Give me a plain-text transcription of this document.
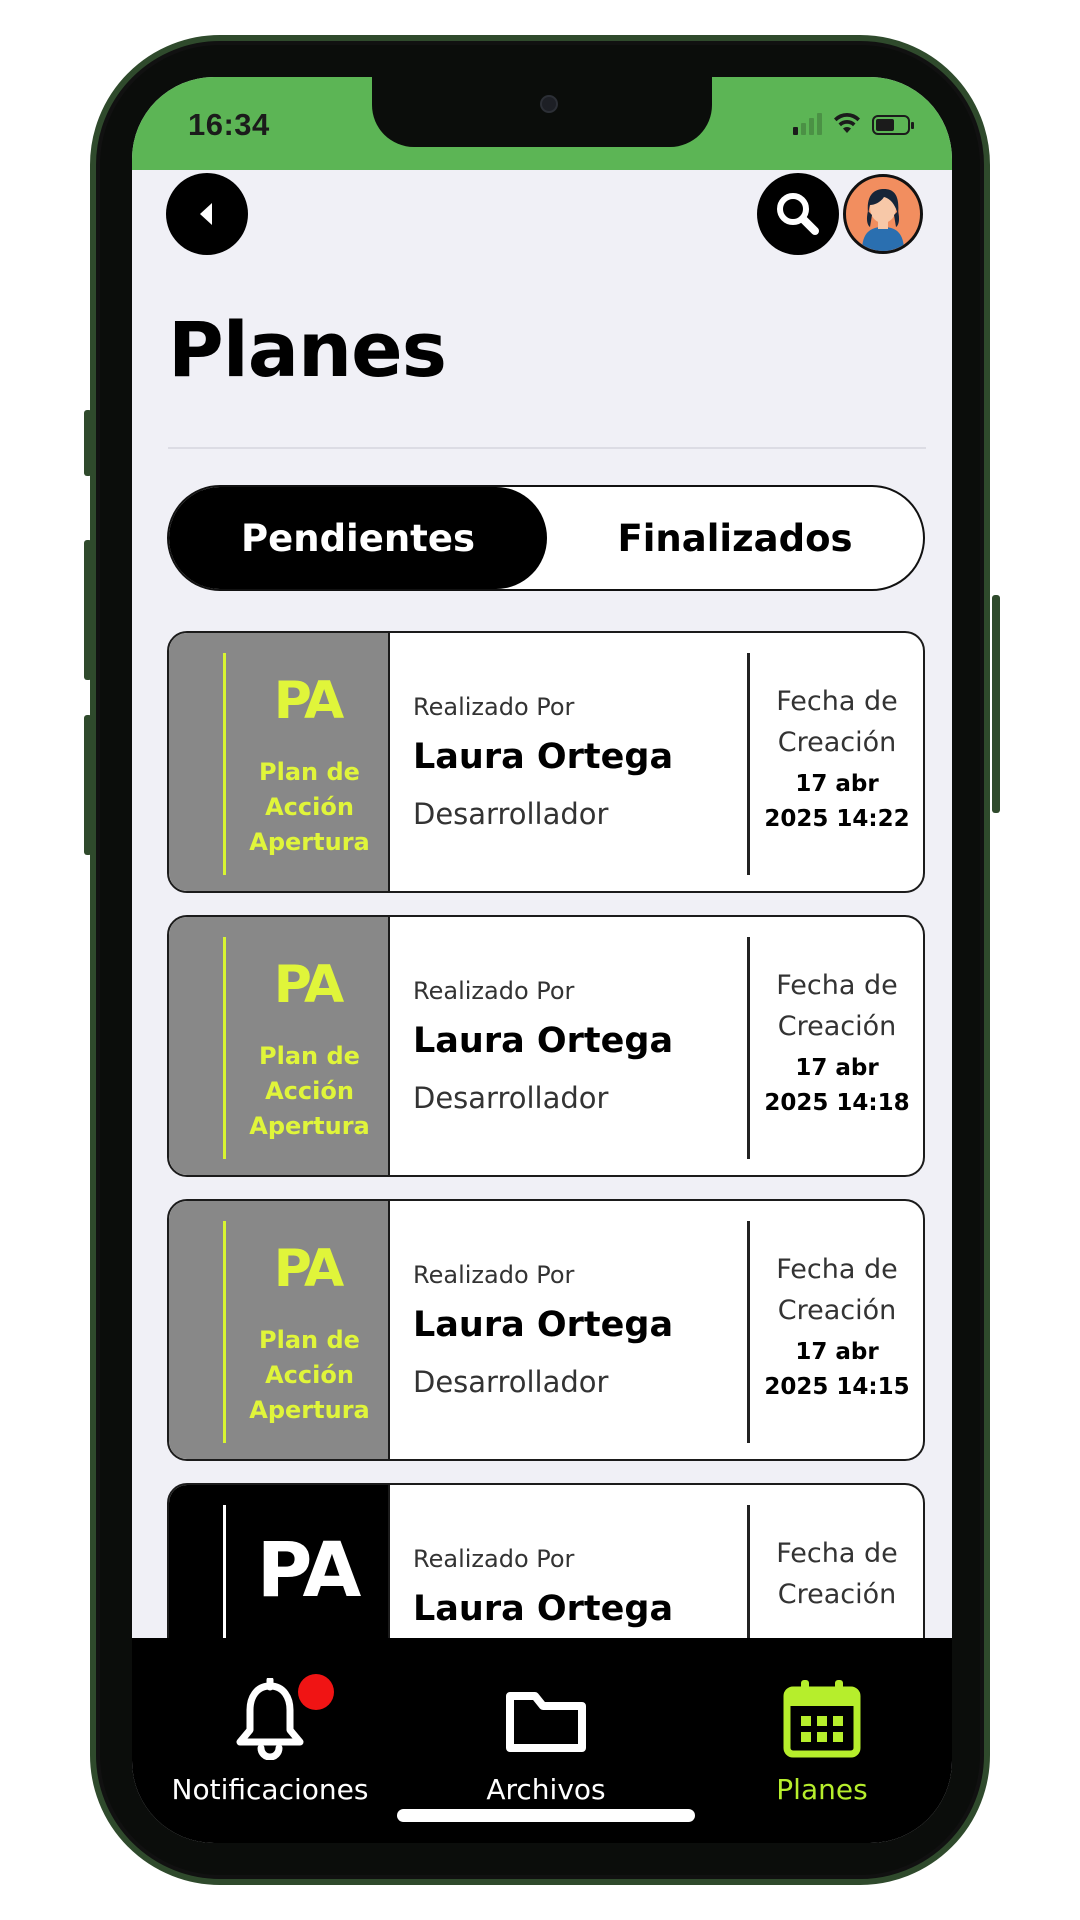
16:34
Planes
Pendientes	Finalizados
PA
Plan de
Acción
Apertura
Realizado Por
Laura Ortega
Desarrollador
Fecha de
Creación
17 abr
2025 14:22
PA
Plan de
Acción
Apertura
Realizado Por
Laura Ortega
Desarrollador
Fecha de
Creación
17 abr
2025 14:18
PA
Plan de
Acción
Apertura
Realizado Por
Laura Ortega
Desarrollador
Fecha de
Creación
17 abr
2025 14:15
PA	Realizado Por
Laura Ortega
Fecha de
Creación
Notificaciones	Archivos	Planes
